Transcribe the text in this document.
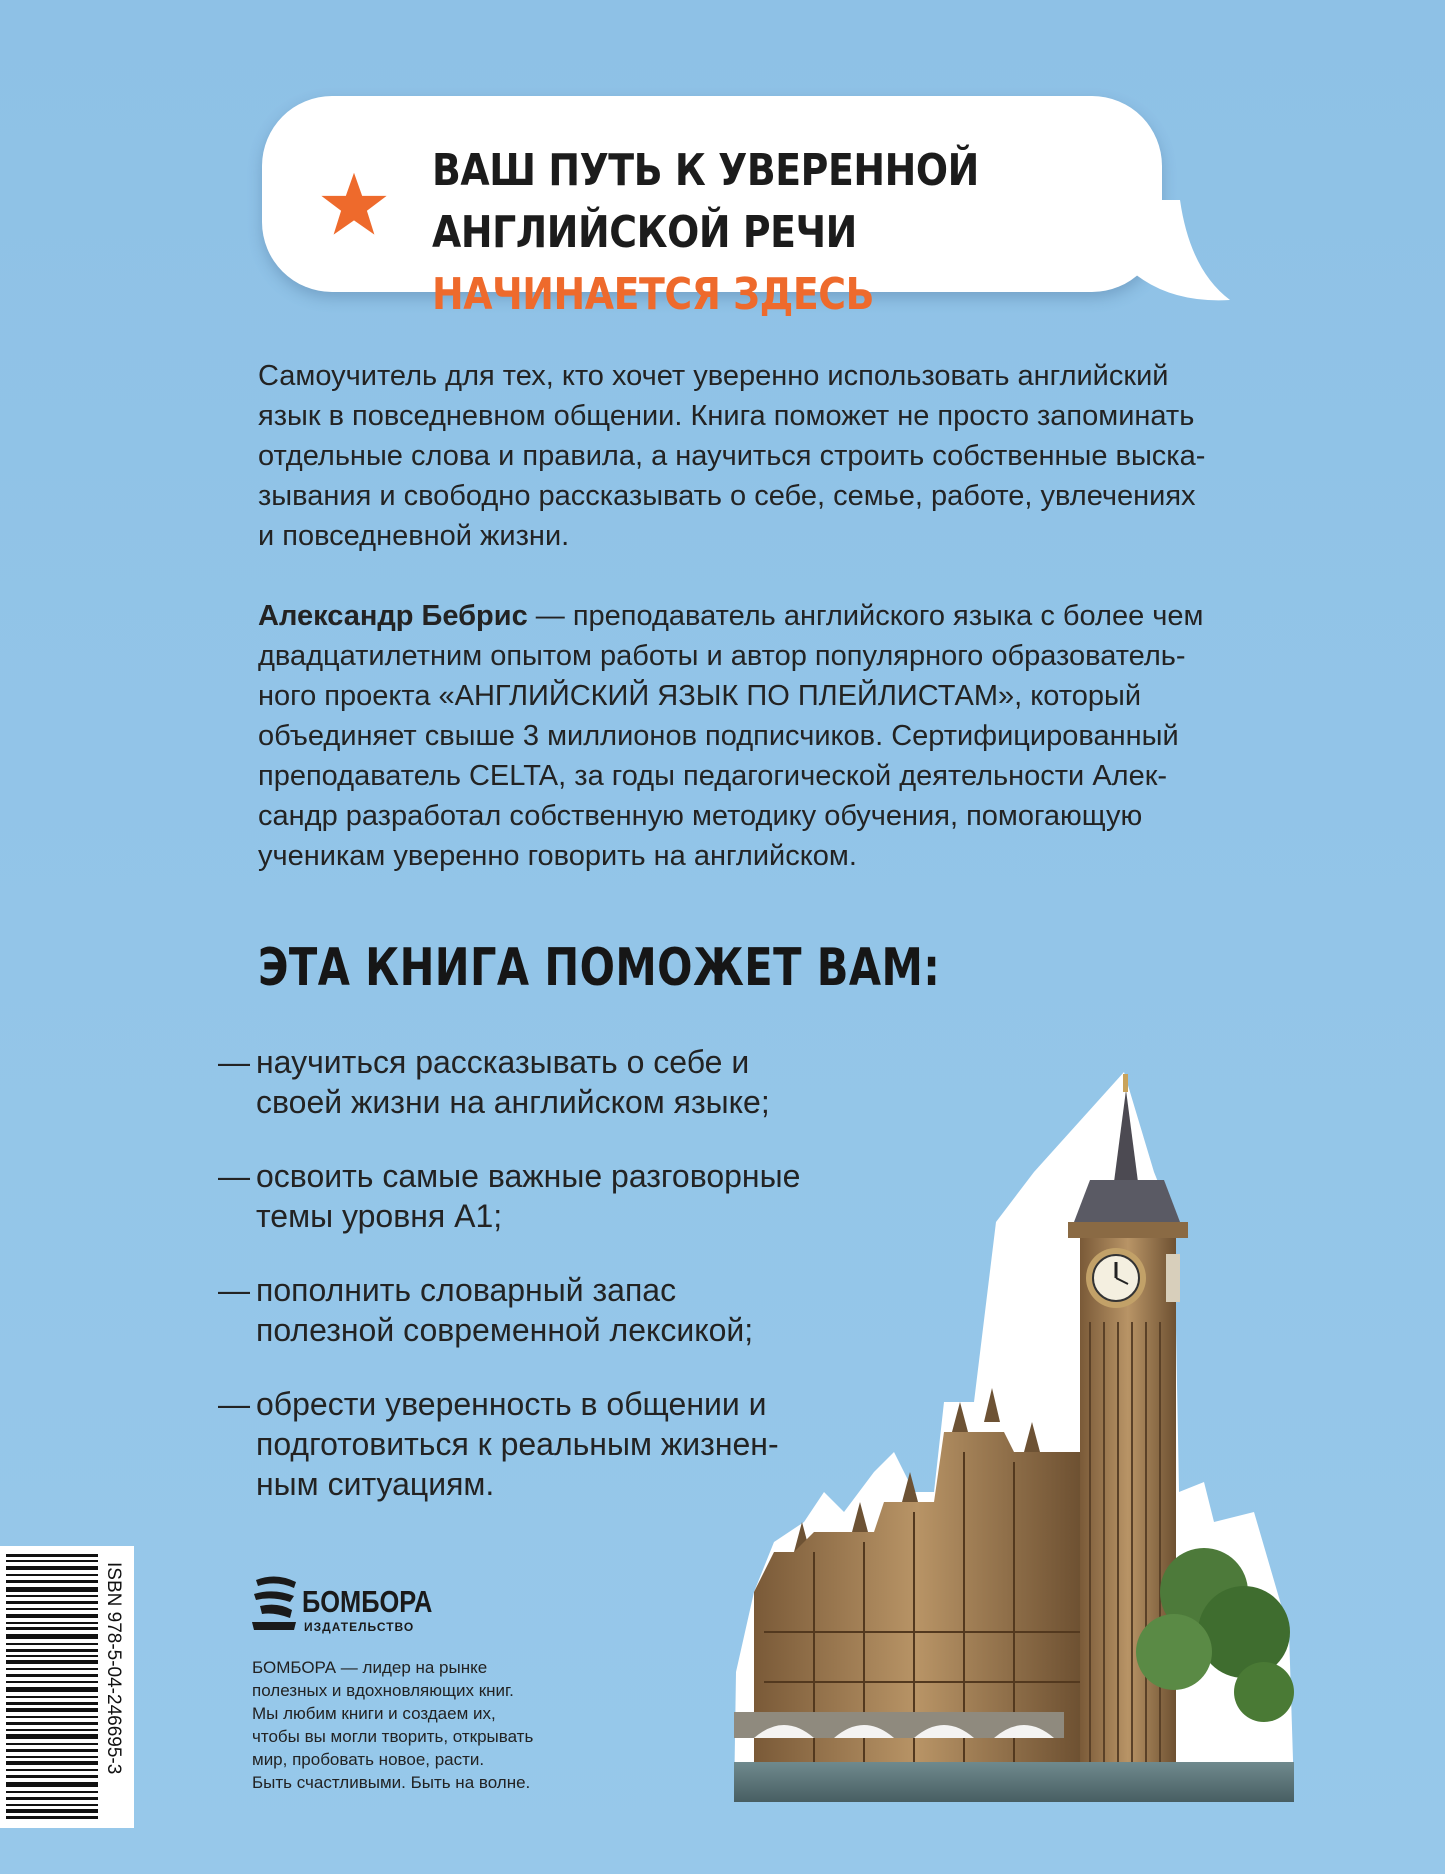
ВАШ ПУТЬ К УВЕРЕННОЙ
АНГЛИЙСКОЙ РЕЧИ НАЧИНАЕТСЯ ЗДЕСЬ
Самоучитель для тех, кто хочет уверенно использовать английский
язык в повседневном общении. Книга поможет не просто запоминать
отдельные слова и правила, а научиться строить собственные выска-
зывания и свободно рассказывать о себе, семье, работе, увлечениях
и повседневной жизни.
Александр Бебрис — преподаватель английского языка с более чем
двадцатилетним опытом работы и автор популярного образователь-
ного проекта «АНГЛИЙСКИЙ ЯЗЫК ПО ПЛЕЙЛИСТАМ», который
объединяет свыше 3 миллионов подписчиков. Сертифицированный
преподаватель CELTA, за годы педагогической деятельности Алек-
сандр разработал собственную методику обучения, помогающую
ученикам уверенно говорить на английском.
ЭТА КНИГА ПОМОЖЕТ ВАМ:
— научиться рассказывать о себе и своей жизни на английском языке;
— освоить самые важные разговорные темы уровня A1;
— пополнить словарный запас полезной современной лексикой;
— обрести уверенность в общении и подготовиться к реальным жизнен-ным ситуациям.
ISBN 978-5-04-246695-3	БОМБОРА
ИЗДАТЕЛЬСТВО
БОМБОРА — лидер на рынке
полезных и вдохновляющих книг.
Мы любим книги и создаем их,
чтобы вы могли творить, открывать
мир, пробовать новое, расти.
Быть счастливыми. Быть на волне.
